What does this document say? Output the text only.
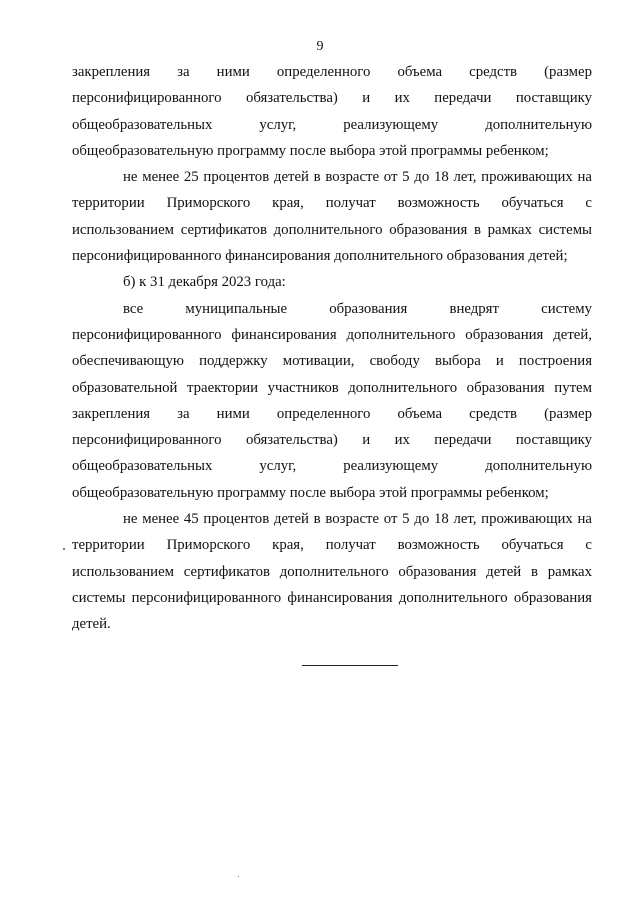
9
закрепления за ними определенного объема средств (размер
персонифицированного обязательства) и их передачи поставщику
общеобразовательных услуг, реализующему дополнительную
общеобразовательную программу после выбора этой программы ребенком;
не менее 25 процентов детей в возрасте от 5 до 18 лет, проживающих на
территории Приморского края, получат возможность обучаться с
использованием сертификатов дополнительного образования в рамках системы
персонифицированного финансирования дополнительного образования детей;
б) к 31 декабря 2023 года:
все муниципальные образования внедрят систему
персонифицированного финансирования дополнительного образования детей,
обеспечивающую поддержку мотивации, свободу выбора и построения
образовательной траектории участников дополнительного образования путем
закрепления за ними определенного объема средств (размер
персонифицированного обязательства) и их передачи поставщику
общеобразовательных услуг, реализующему дополнительную
общеобразовательную программу после выбора этой программы ребенком;
не менее 45 процентов детей в возрасте от 5 до 18 лет, проживающих на
территории Приморского края, получат возможность обучаться с
использованием сертификатов дополнительного образования детей в рамках
системы персонифицированного финансирования дополнительного образования
детей.
